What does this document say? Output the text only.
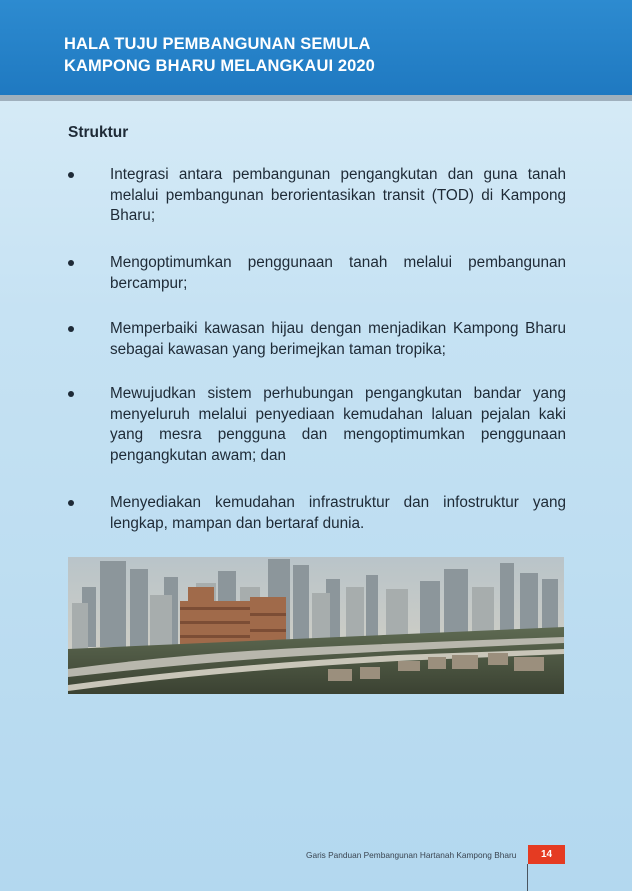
HALA TUJU PEMBANGUNAN SEMULA
KAMPONG BHARU MELANGKAUI 2020
Struktur
Integrasi antara pembangunan pengangkutan dan guna tanah melalui pembangunan berorientasikan transit (TOD) di Kampong Bharu;
Mengoptimumkan penggunaan tanah melalui pembangunan bercampur;
Memperbaiki kawasan hijau dengan menjadikan Kampong Bharu sebagai kawasan yang berimejkan taman tropika;
Mewujudkan sistem perhubungan pengangkutan bandar yang menyeluruh melalui penyediaan kemudahan laluan pejalan kaki yang mesra pengguna dan mengoptimumkan penggunaan pengangkutan awam; dan
Menyediakan kemudahan infrastruktur dan infostruktur yang lengkap, mampan dan bertaraf dunia.
Garis Panduan Pembangunan Hartanah Kampong Bharu	14
